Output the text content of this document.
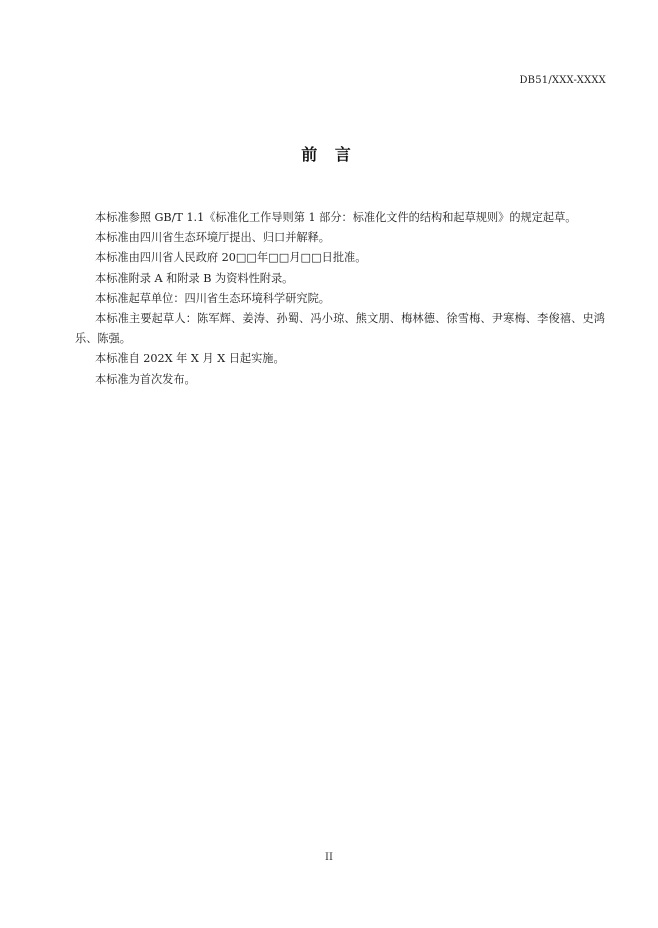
DB51/XXX-XXXX
前 言

本标准参照 GB/T 1.1《标准化工作导则第 1 部分：标准化文件的结构和起草规则》的规定起草。

本标准由四川省生态环境厅提出、归口并解释。

本标准由四川省人民政府 20□□年□□月□□日批准。

本标准附录 A 和附录 B 为资料性附录。

本标准起草单位：四川省生态环境科学研究院。

本标准主要起草人：陈军辉、姜涛、孙蜀、冯小琼、熊文朋、梅林德、徐雪梅、尹寒梅、李俊禧、史鸿乐、陈强。

本标准自 202X 年 X 月 X 日起实施。

本标准为首次发布。

II
